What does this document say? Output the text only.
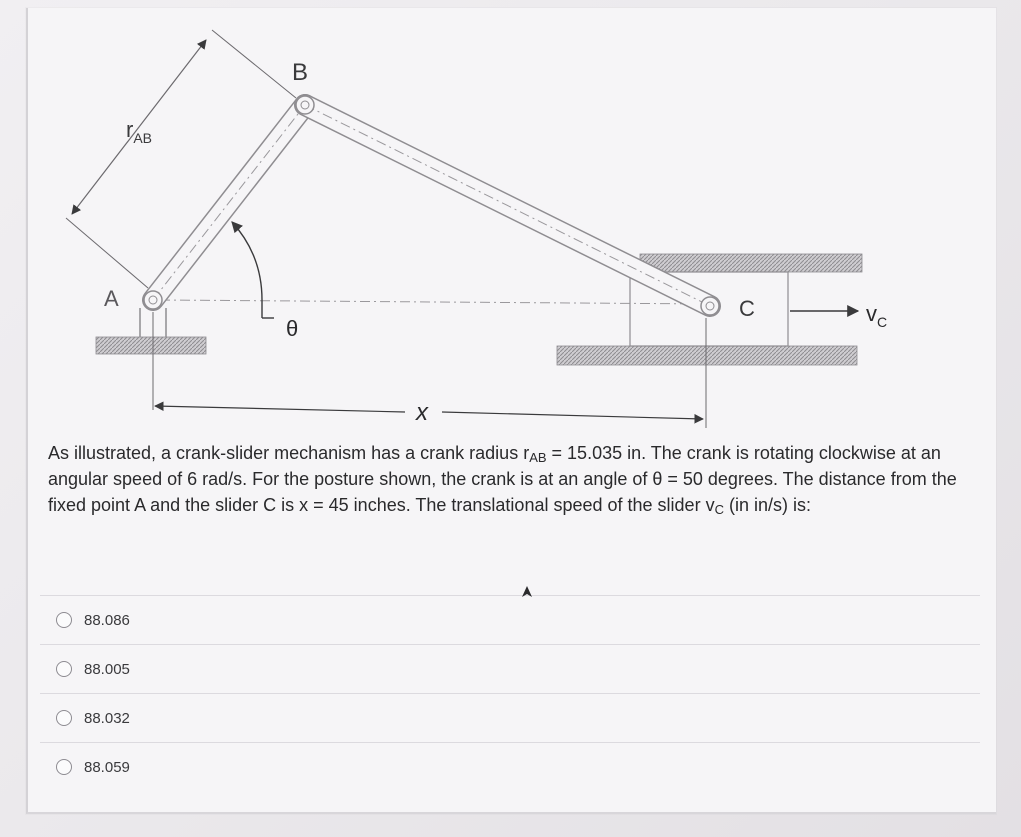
$r_{AB}$
B
A	C
θ
x
$v_C$

As illustrated, a crank-slider mechanism has a crank radius $r_{AB} = 15.035$ in. The crank is rotating clockwise at an angular speed of 6 rad/s. For the posture shown, the crank is at an angle of θ = 50 degrees. The distance from the fixed point A and the slider C is x = 45 inches. The translational speed of the slider $v_C$ (in in/s) is:

88.086
88.005
88.032
88.059
